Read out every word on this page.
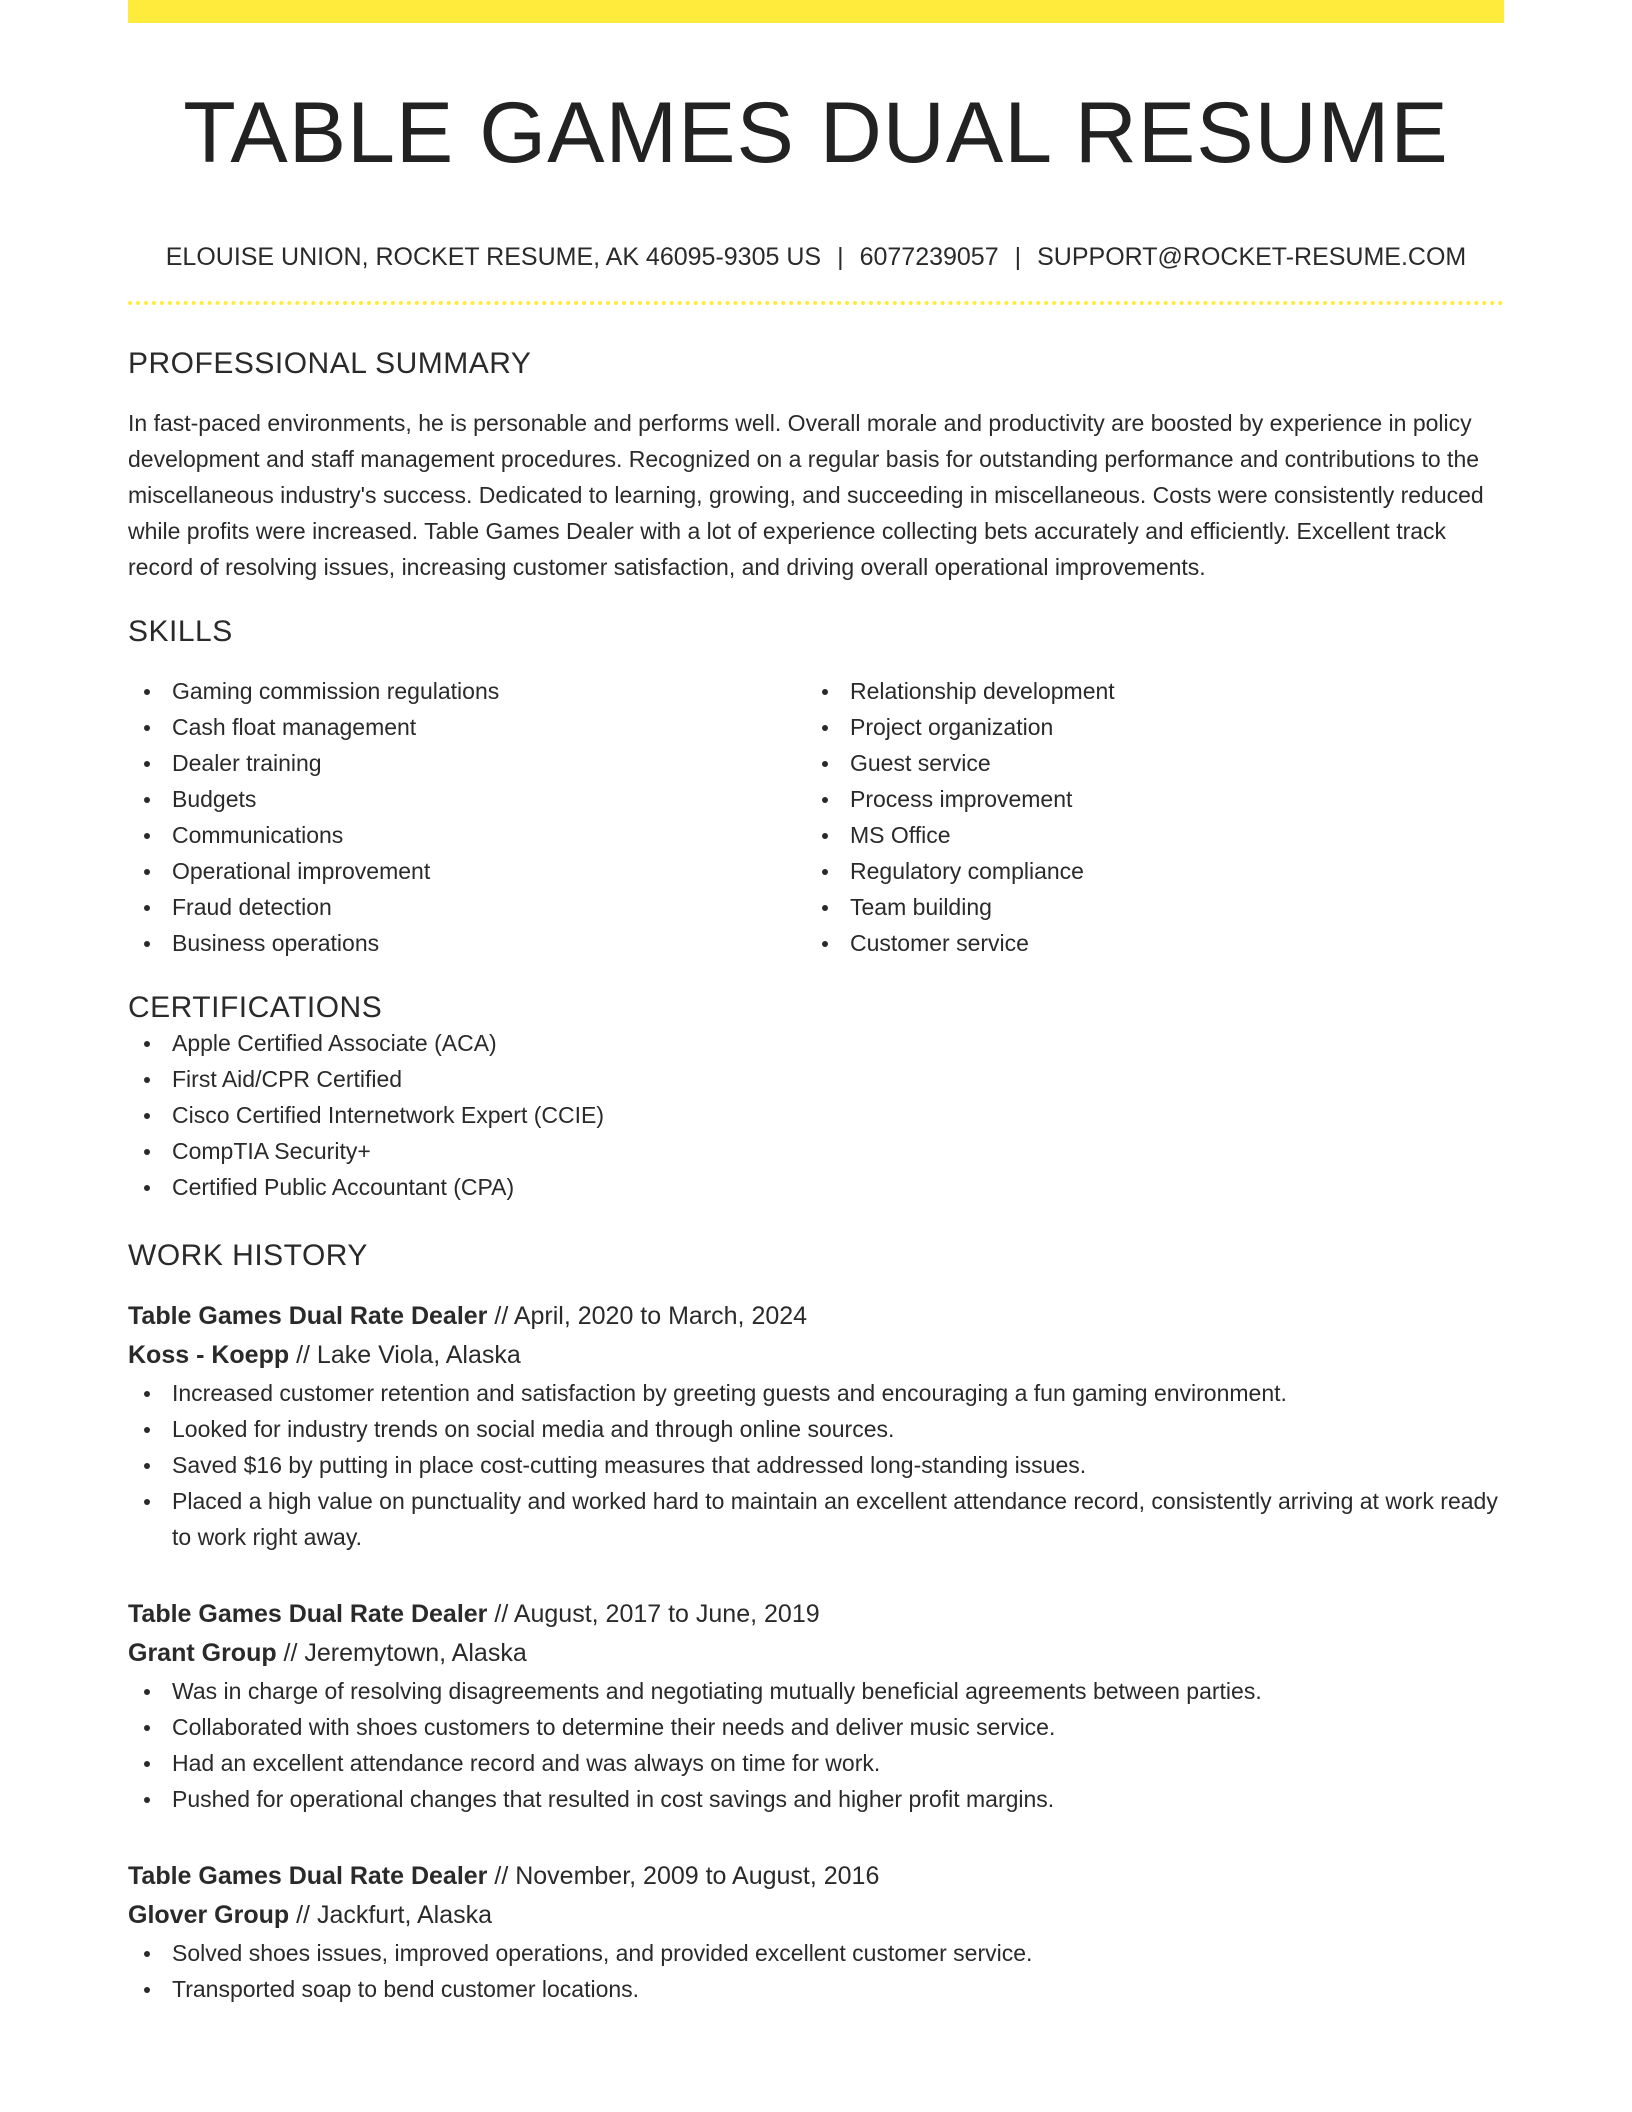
TABLE GAMES DUAL RESUME
ELOUISE UNION, ROCKET RESUME, AK 46095-9305 US | 6077239057 | SUPPORT@ROCKET-RESUME.COM
PROFESSIONAL SUMMARY
In fast-paced environments, he is personable and performs well. Overall morale and productivity are boosted by experience in policy development and staff management procedures. Recognized on a regular basis for outstanding performance and contributions to the miscellaneous industry's success. Dedicated to learning, growing, and succeeding in miscellaneous. Costs were consistently reduced while profits were increased. Table Games Dealer with a lot of experience collecting bets accurately and efficiently. Excellent track record of resolving issues, increasing customer satisfaction, and driving overall operational improvements.
SKILLS
Gaming commission regulations
Cash float management
Dealer training
Budgets
Communications
Operational improvement
Fraud detection
Business operations
Relationship development
Project organization
Guest service
Process improvement
MS Office
Regulatory compliance
Team building
Customer service
CERTIFICATIONS
Apple Certified Associate (ACA)
First Aid/CPR Certified
Cisco Certified Internetwork Expert (CCIE)
CompTIA Security+
Certified Public Accountant (CPA)
WORK HISTORY
Table Games Dual Rate Dealer // April, 2020 to March, 2024
Koss - Koepp // Lake Viola, Alaska
Increased customer retention and satisfaction by greeting guests and encouraging a fun gaming environment.
Looked for industry trends on social media and through online sources.
Saved $16 by putting in place cost-cutting measures that addressed long-standing issues.
Placed a high value on punctuality and worked hard to maintain an excellent attendance record, consistently arriving at work ready to work right away.
Table Games Dual Rate Dealer // August, 2017 to June, 2019
Grant Group // Jeremytown, Alaska
Was in charge of resolving disagreements and negotiating mutually beneficial agreements between parties.
Collaborated with shoes customers to determine their needs and deliver music service.
Had an excellent attendance record and was always on time for work.
Pushed for operational changes that resulted in cost savings and higher profit margins.
Table Games Dual Rate Dealer // November, 2009 to August, 2016
Glover Group // Jackfurt, Alaska
Solved shoes issues, improved operations, and provided excellent customer service.
Transported soap to bend customer locations.
